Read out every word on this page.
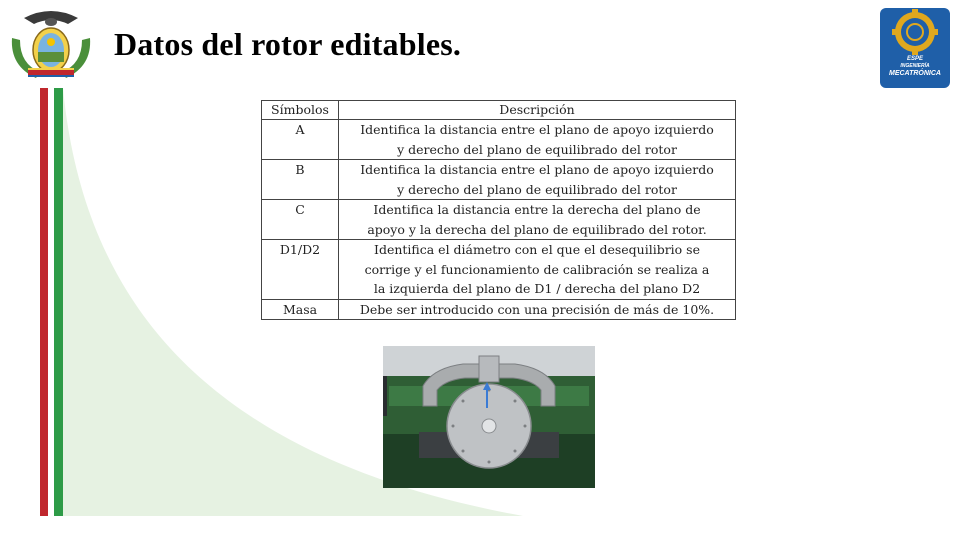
Datos del rotor editables.	ESPE
INGENIERÍA
MECATRÓNICA
Símbolos	Descripción
A	Identifica la distancia entre el plano de apoyo izquierdo
y derecho del plano de equilibrado del rotor

B	Identifica la distancia entre el plano de apoyo izquierdo
y derecho del plano de equilibrado del rotor

C	Identifica la distancia entre la derecha del plano de
apoyo y la derecha del plano de equilibrado del rotor.

D1/D2	Identifica el diámetro con el que el desequilibrio se
corrige y el funcionamiento de calibración se realiza a
la izquierda del plano de D1 / derecha del plano D2

Masa	Debe ser introducido con una precisión de más de 10%.
